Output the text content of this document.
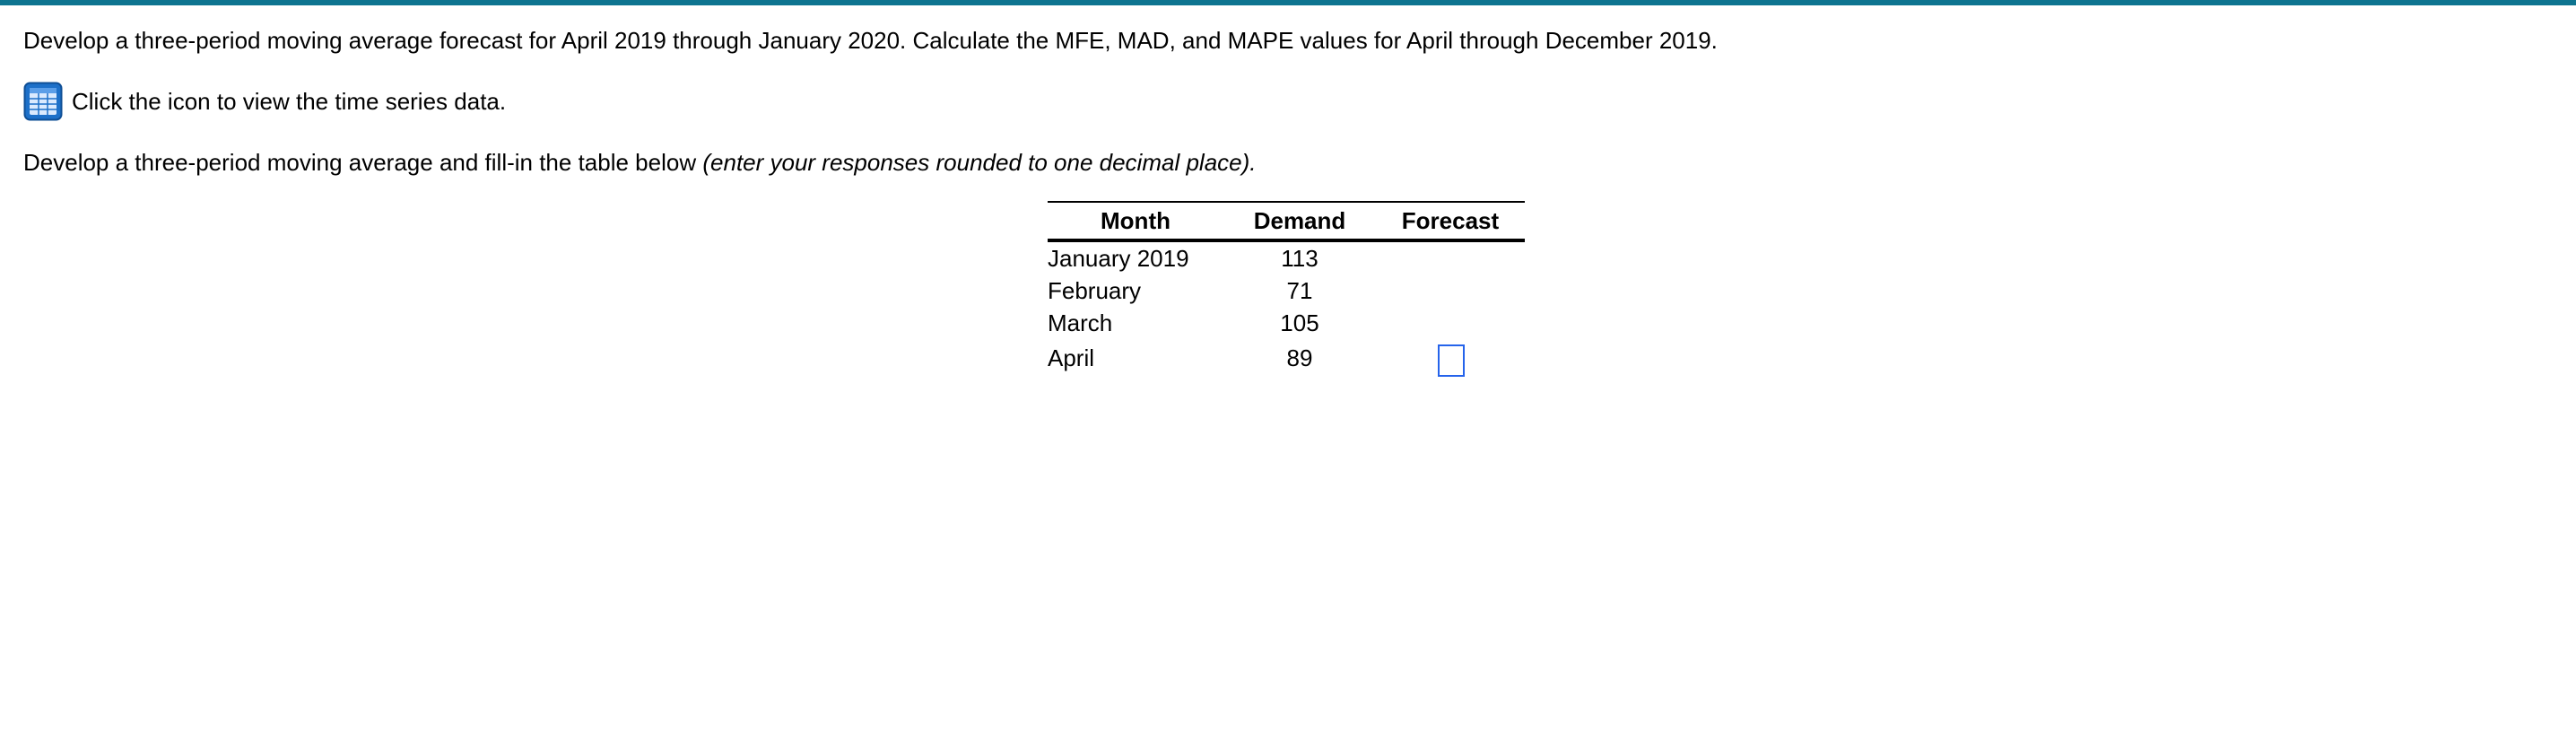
Develop a three-period moving average forecast for April 2019 through January 2020. Calculate the MFE, MAD, and MAPE values for April through December 2019.
Click the icon to view the time series data.
Develop a three-period moving average and fill-in the table below (enter your responses rounded to one decimal place).
Month	Demand	Forecast
January 2019	113	
February	71	
March	105	
April	89	
